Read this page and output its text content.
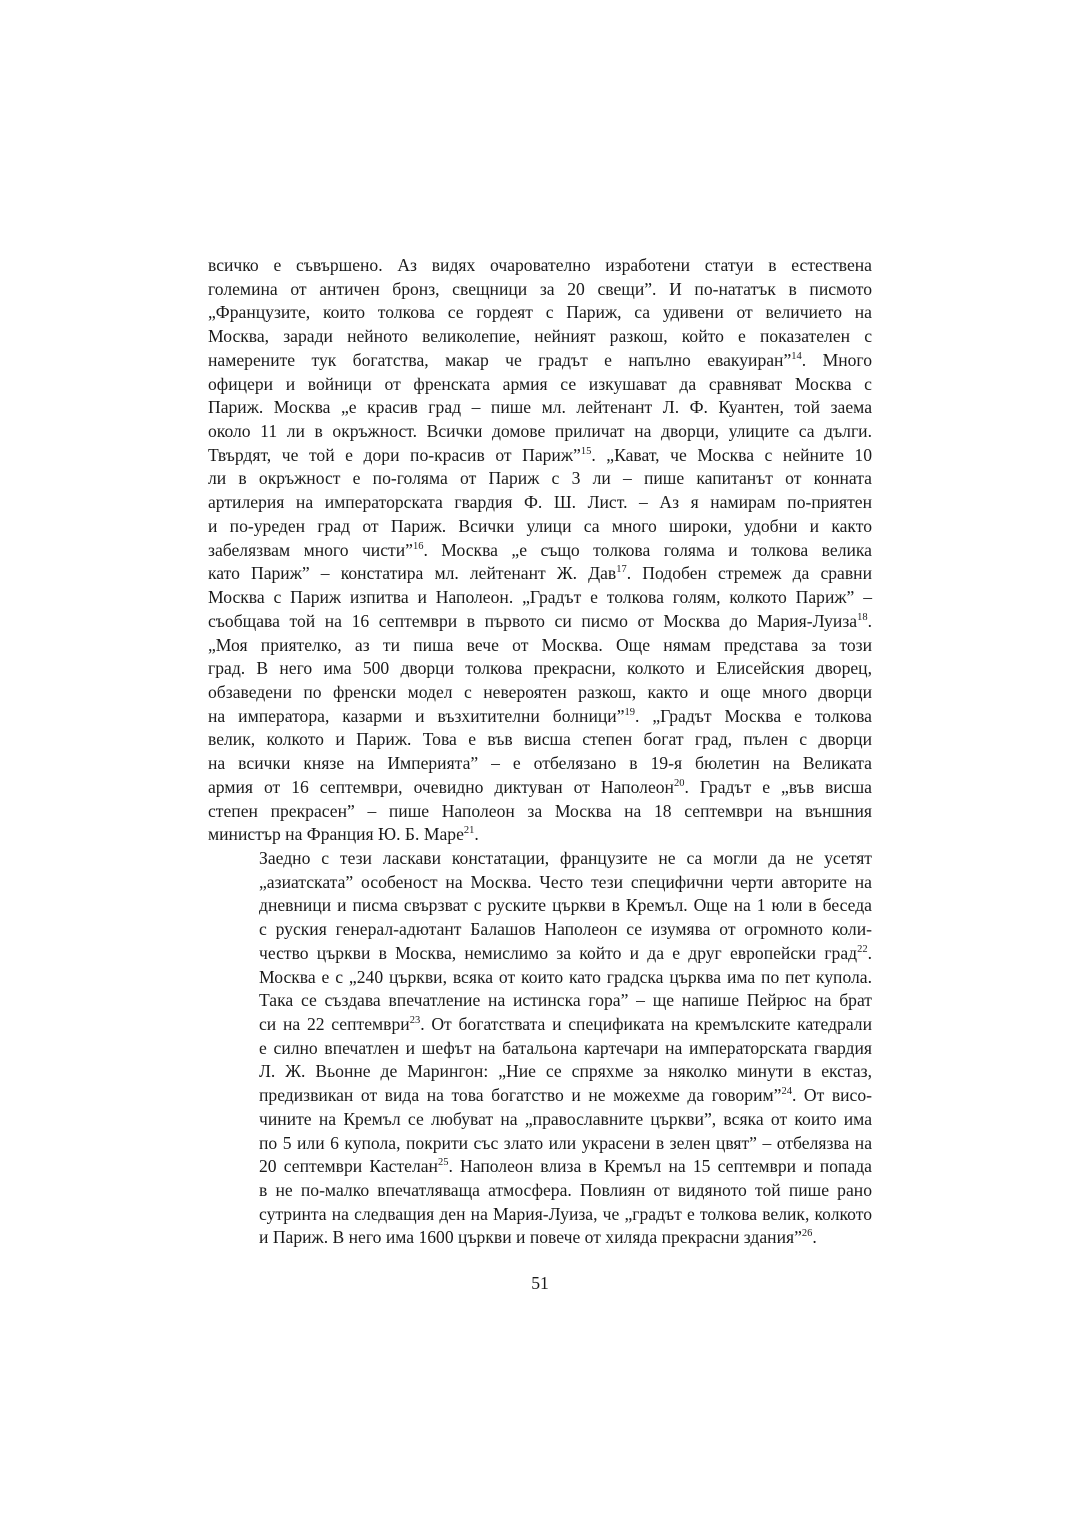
всичко е съвършено. Аз видях очарователно изработени статуи в естествена
големина от античен бронз, свещници за 20 свещи”. И по-нататък в писмото
„Французите, които толкова се гордеят с Париж, са удивени от величието на
Москва, заради нейното великолепие, нейният разкош, който е показателен с
намерените тук богатства, макар че градът е напълно евакуиран”$^{14}$. Много
офицери и войници от френската армия се изкушават да сравняват Москва с
Париж. Москва „е красив град – пише мл. лейтенант Л. Ф. Куантен, той заема
около 11 ли в окръжност. Всички домове приличат на дворци, улиците са дълги.
Твърдят, че той е дори по-красив от Париж”$^{15}$. „Кават, че Москва с нейните 10
ли в окръжност е по-голяма от Париж с 3 ли – пише капитанът от конната
артилерия на императорската гвардия Ф. Ш. Лист. – Аз я намирам по-приятен
и по-уреден град от Париж. Всички улици са много широки, удобни и както
забелязвам много чисти”$^{16}$. Москва „е също толкова голяма и толкова велика
като Париж” – констатира мл. лейтенант Ж. Дав$^{17}$. Подобен стремеж да сравни
Москва с Париж изпитва и Наполеон. „Градът е толкова голям, колкото Париж” –
съобщава той на 16 септември в първото си писмо от Москва до Мария-Луиза$^{18}$.
„Моя приятелко, аз ти пиша вече от Москва. Още нямам представа за този
град. В него има 500 дворци толкова прекрасни, колкото и Елисейския дворец,
обзаведени по френски модел с невероятен разкош, както и още много дворци
на императора, казарми и възхитителни болници”$^{19}$. „Градът Москва е толкова
велик, колкото и Париж. Това е във висша степен богат град, пълен с дворци
на всички князе на Империята” – е отбелязано в 19-я бюлетин на Великата
армия от 16 септември, очевидно диктуван от Наполеон$^{20}$. Градът е „във висша
степен прекрасен” – пише Наполеон за Москва на 18 септември на външния
министър на Франция Ю. Б. Маре$^{21}$.
Заедно с тези ласкави констатации, французите не са могли да не усетят
„азиатската” особеност на Москва. Често тези специфични черти авторите на
дневници и писма свързват с руските църкви в Кремъл. Още на 1 юли в беседа
с руския генерал-адютант Балашов Наполеон се изумява от огромното коли-
чество църкви в Москва, немислимо за който и да е друг европейски град$^{22}$.
Москва е с „240 църкви, всяка от които като градска църква има по пет купола.
Така се създава впечатление на истинска гора” – ще напише Пейрюс на брат
си на 22 септември$^{23}$. От богатствата и спецификата на кремълските катедрали
е силно впечатлен и шефът на батальона картечари на императорската гвардия
Л. Ж. Вьонне де Марингон: „Ние се спряхме за няколко минути в екстаз,
предизвикан от вида на това богатство и не можехме да говорим”$^{24}$. От висо-
чините на Кремъл се любуват на „православните църкви”, всяка от които има
по 5 или 6 купола, покрити със злато или украсени в зелен цвят” – отбелязва на
20 септември Кастелан$^{25}$. Наполеон влиза в Кремъл на 15 септември и попада
в не по-малко впечатляваща атмосфера. Повлиян от видяното той пише рано
сутринта на следващия ден на Мария-Луиза, че „градът е толкова велик, колкото
и Париж. В него има 1600 църкви и повече от хиляда прекрасни здания”$^{26}$.
51
